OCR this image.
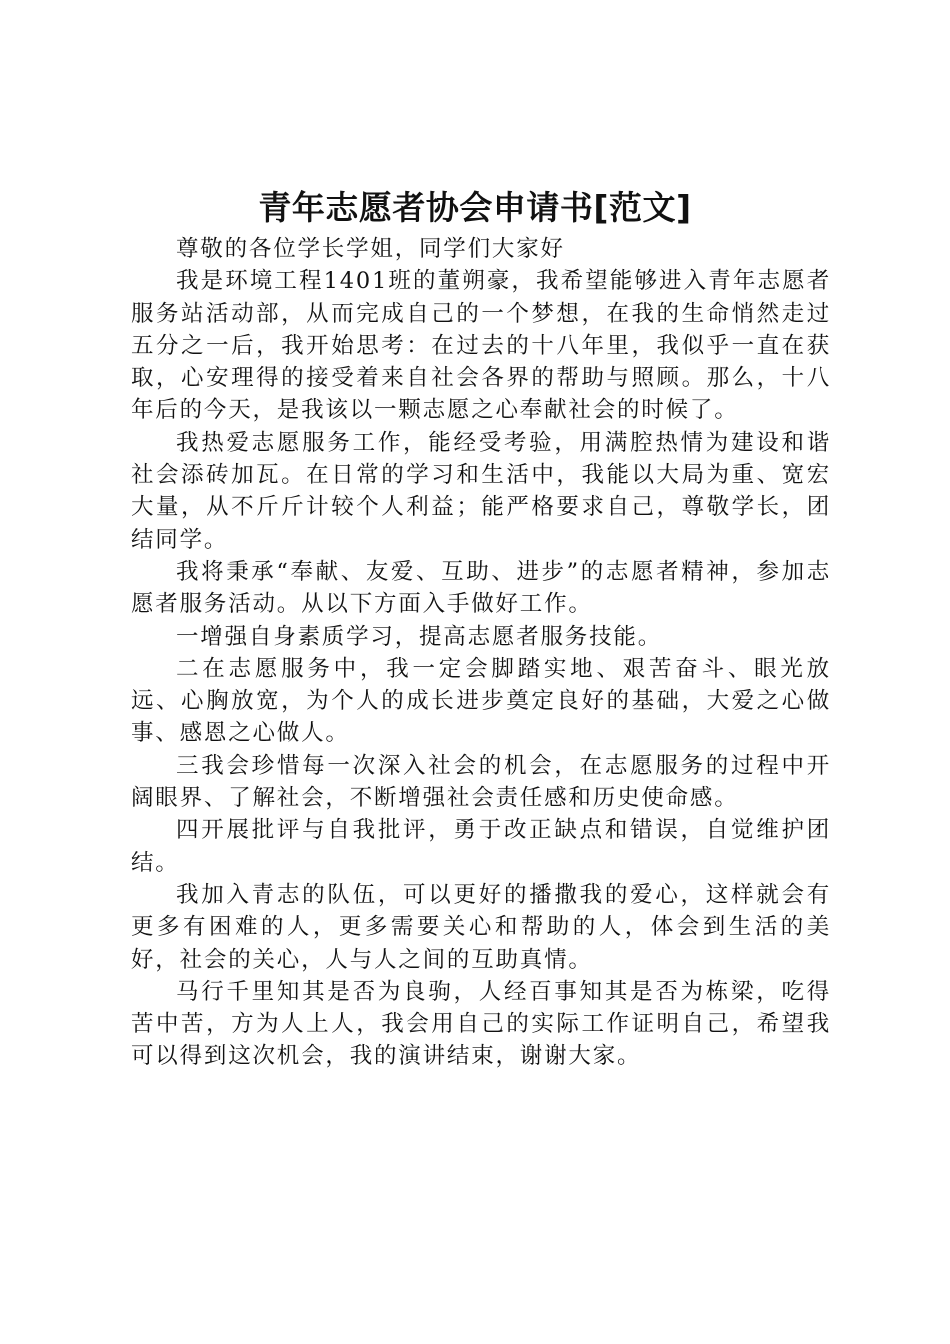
青年志愿者协会申请书[范文]

尊敬的各位学长学姐，同学们大家好

我是环境工程1401班的董朔豪，我希望能够进入青年志愿者服务站活动部，从而完成自己的一个梦想，在我的生命悄然走过五分之一后，我开始思考：在过去的十八年里，我似乎一直在获取，心安理得的接受着来自社会各界的帮助与照顾。那么，十八年后的今天，是我该以一颗志愿之心奉献社会的时候了。

我热爱志愿服务工作，能经受考验，用满腔热情为建设和谐社会添砖加瓦。在日常的学习和生活中，我能以大局为重、宽宏大量，从不斤斤计较个人利益；能严格要求自己，尊敬学长，团结同学。

我将秉承“奉献、友爱、互助、进步”的志愿者精神，参加志愿者服务活动。从以下方面入手做好工作。

一增强自身素质学习，提高志愿者服务技能。

二在志愿服务中，我一定会脚踏实地、艰苦奋斗、眼光放远、心胸放宽，为个人的成长进步奠定良好的基础，大爱之心做事、感恩之心做人。

三我会珍惜每一次深入社会的机会，在志愿服务的过程中开阔眼界、了解社会，不断增强社会责任感和历史使命感。

四开展批评与自我批评，勇于改正缺点和错误，自觉维护团结。

我加入青志的队伍，可以更好的播撒我的爱心，这样就会有更多有困难的人，更多需要关心和帮助的人，体会到生活的美好，社会的关心，人与人之间的互助真情。

马行千里知其是否为良驹，人经百事知其是否为栋梁，吃得苦中苦，方为人上人，我会用自己的实际工作证明自己，希望我可以得到这次机会，我的演讲结束，谢谢大家。
